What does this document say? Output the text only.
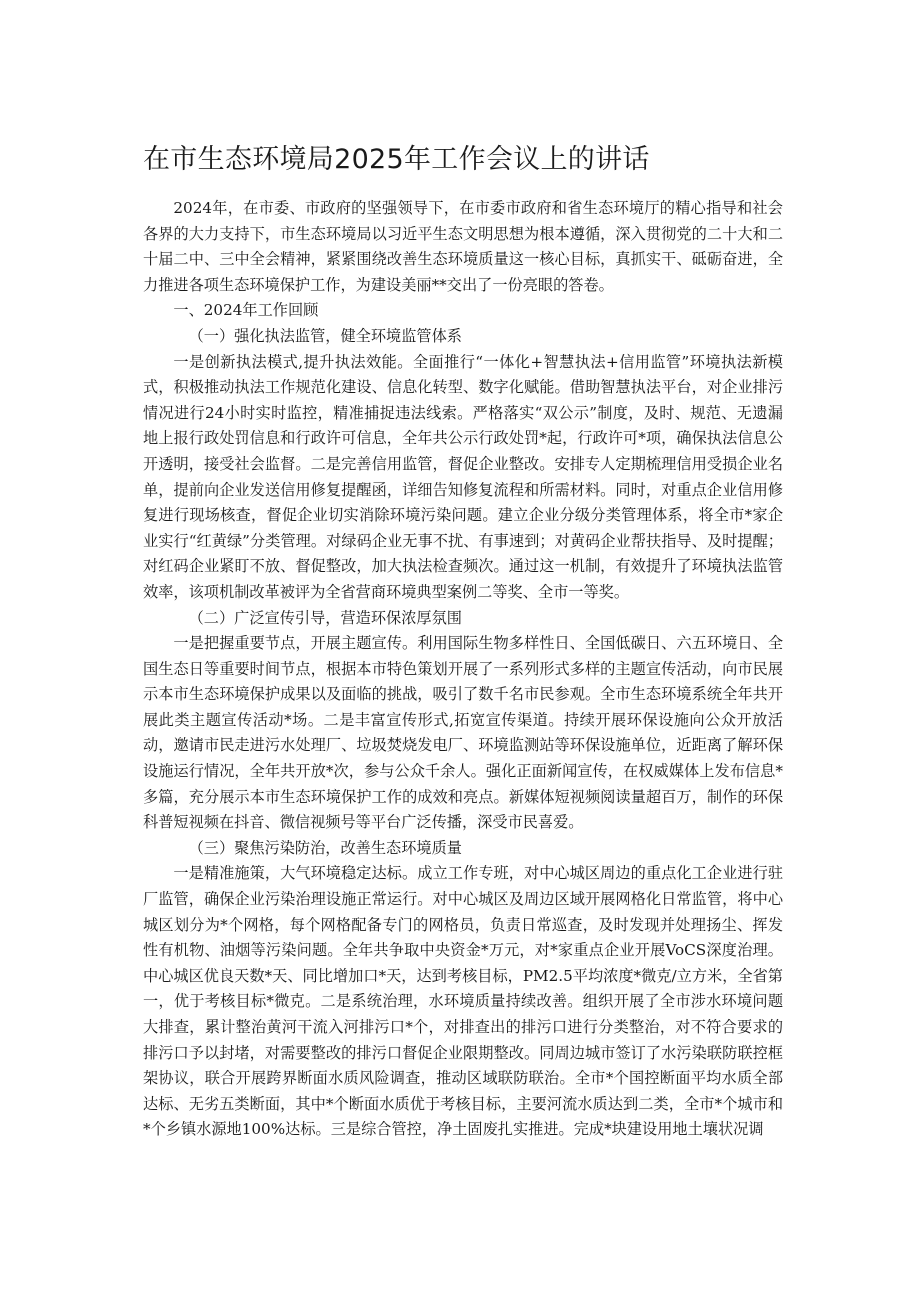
在市生态环境局2025年工作会议上的讲话

2024年，在市委、市政府的坚强领导下，在市委市政府和省生态环境厅的精心指导和社会各界的大力支持下，市生态环境局以习近平生态文明思想为根本遵循，深入贯彻党的二十大和二十届二中、三中全会精神，紧紧围绕改善生态环境质量这一核心目标，真抓实干、砥砺奋进，全力推进各项生态环境保护工作，为建设美丽**交出了一份亮眼的答卷。

一、2024年工作回顾

（一）强化执法监管，健全环境监管体系

一是创新执法模式,提升执法效能。全面推行“一体化+智慧执法+信用监管”环境执法新模式，积极推动执法工作规范化建设、信息化转型、数字化赋能。借助智慧执法平台，对企业排污情况进行24小时实时监控，精准捕捉违法线索。严格落实“双公示”制度，及时、规范、无遗漏地上报行政处罚信息和行政许可信息，全年共公示行政处罚*起，行政许可*项，确保执法信息公开透明，接受社会监督。二是完善信用监管，督促企业整改。安排专人定期梳理信用受损企业名单，提前向企业发送信用修复提醒函，详细告知修复流程和所需材料。同时，对重点企业信用修复进行现场核查，督促企业切实消除环境污染问题。建立企业分级分类管理体系，将全市*家企业实行“红黄绿”分类管理。对绿码企业无事不扰、有事速到；对黄码企业帮扶指导、及时提醒；对红码企业紧盯不放、督促整改，加大执法检查频次。通过这一机制，有效提升了环境执法监管效率，该项机制改革被评为全省营商环境典型案例二等奖、全市一等奖。

（二）广泛宣传引导，营造环保浓厚氛围

一是把握重要节点，开展主题宣传。利用国际生物多样性日、全国低碳日、六五环境日、全国生态日等重要时间节点，根据本市特色策划开展了一系列形式多样的主题宣传活动，向市民展示本市生态环境保护成果以及面临的挑战，吸引了数千名市民参观。全市生态环境系统全年共开展此类主题宣传活动*场。二是丰富宣传形式,拓宽宣传渠道。持续开展环保设施向公众开放活动，邀请市民走进污水处理厂、垃圾焚烧发电厂、环境监测站等环保设施单位，近距离了解环保设施运行情况，全年共开放*次，参与公众千余人。强化正面新闻宣传，在权威媒体上发布信息*多篇，充分展示本市生态环境保护工作的成效和亮点。新媒体短视频阅读量超百万，制作的环保科普短视频在抖音、微信视频号等平台广泛传播，深受市民喜爱。

（三）聚焦污染防治，改善生态环境质量

一是精准施策，大气环境稳定达标。成立工作专班，对中心城区周边的重点化工企业进行驻厂监管，确保企业污染治理设施正常运行。对中心城区及周边区域开展网格化日常监管，将中心城区划分为*个网格，每个网格配备专门的网格员，负责日常巡查，及时发现并处理扬尘、挥发性有机物、油烟等污染问题。全年共争取中央资金*万元，对*家重点企业开展VoCS深度治理。中心城区优良天数*天、同比增加口*天，达到考核目标，PM2.5平均浓度*微克/立方米，全省第一，优于考核目标*微克。二是系统治理，水环境质量持续改善。组织开展了全市涉水环境问题大排查，累计整治黄河干流入河排污口*个，对排查出的排污口进行分类整治，对不符合要求的排污口予以封堵，对需要整改的排污口督促企业限期整改。同周边城市签订了水污染联防联控框架协议，联合开展跨界断面水质风险调查，推动区域联防联治。全市*个国控断面平均水质全部达标、无劣五类断面，其中*个断面水质优于考核目标，主要河流水质达到二类，全市*个城市和*个乡镇水源地100%达标。三是综合管控，净土固废扎实推进。完成*块建设用地土壤状况调
